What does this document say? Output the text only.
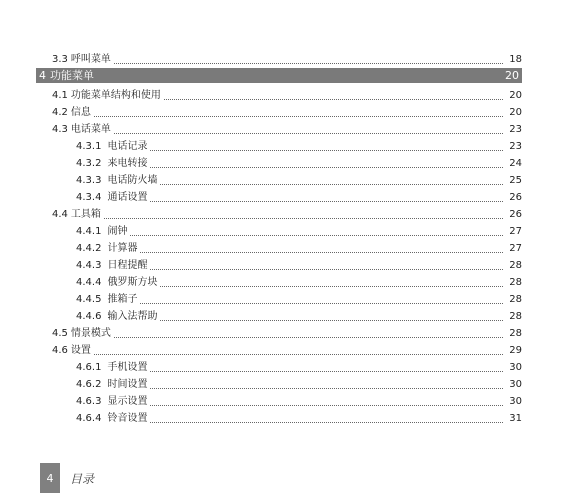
3.3 呼叫菜单	18
4 功能菜单	20
4.1 功能菜单结构和使用	20
4.2 信息	20
4.3 电话菜单	23
4.3.1 电话记录	23
4.3.2 来电转接	24
4.3.3 电话防火墙	25
4.3.4 通话设置	26
4.4 工具箱	26
4.4.1 闹钟	27
4.4.2 计算器	27
4.4.3 日程提醒	28
4.4.4 俄罗斯方块	28
4.4.5 推箱子	28
4.4.6 输入法帮助	28
4.5 情景模式	28
4.6 设置	29
4.6.1 手机设置	30
4.6.2 时间设置	30
4.6.3 显示设置	30
4.6.4 铃音设置	31
4	目录
